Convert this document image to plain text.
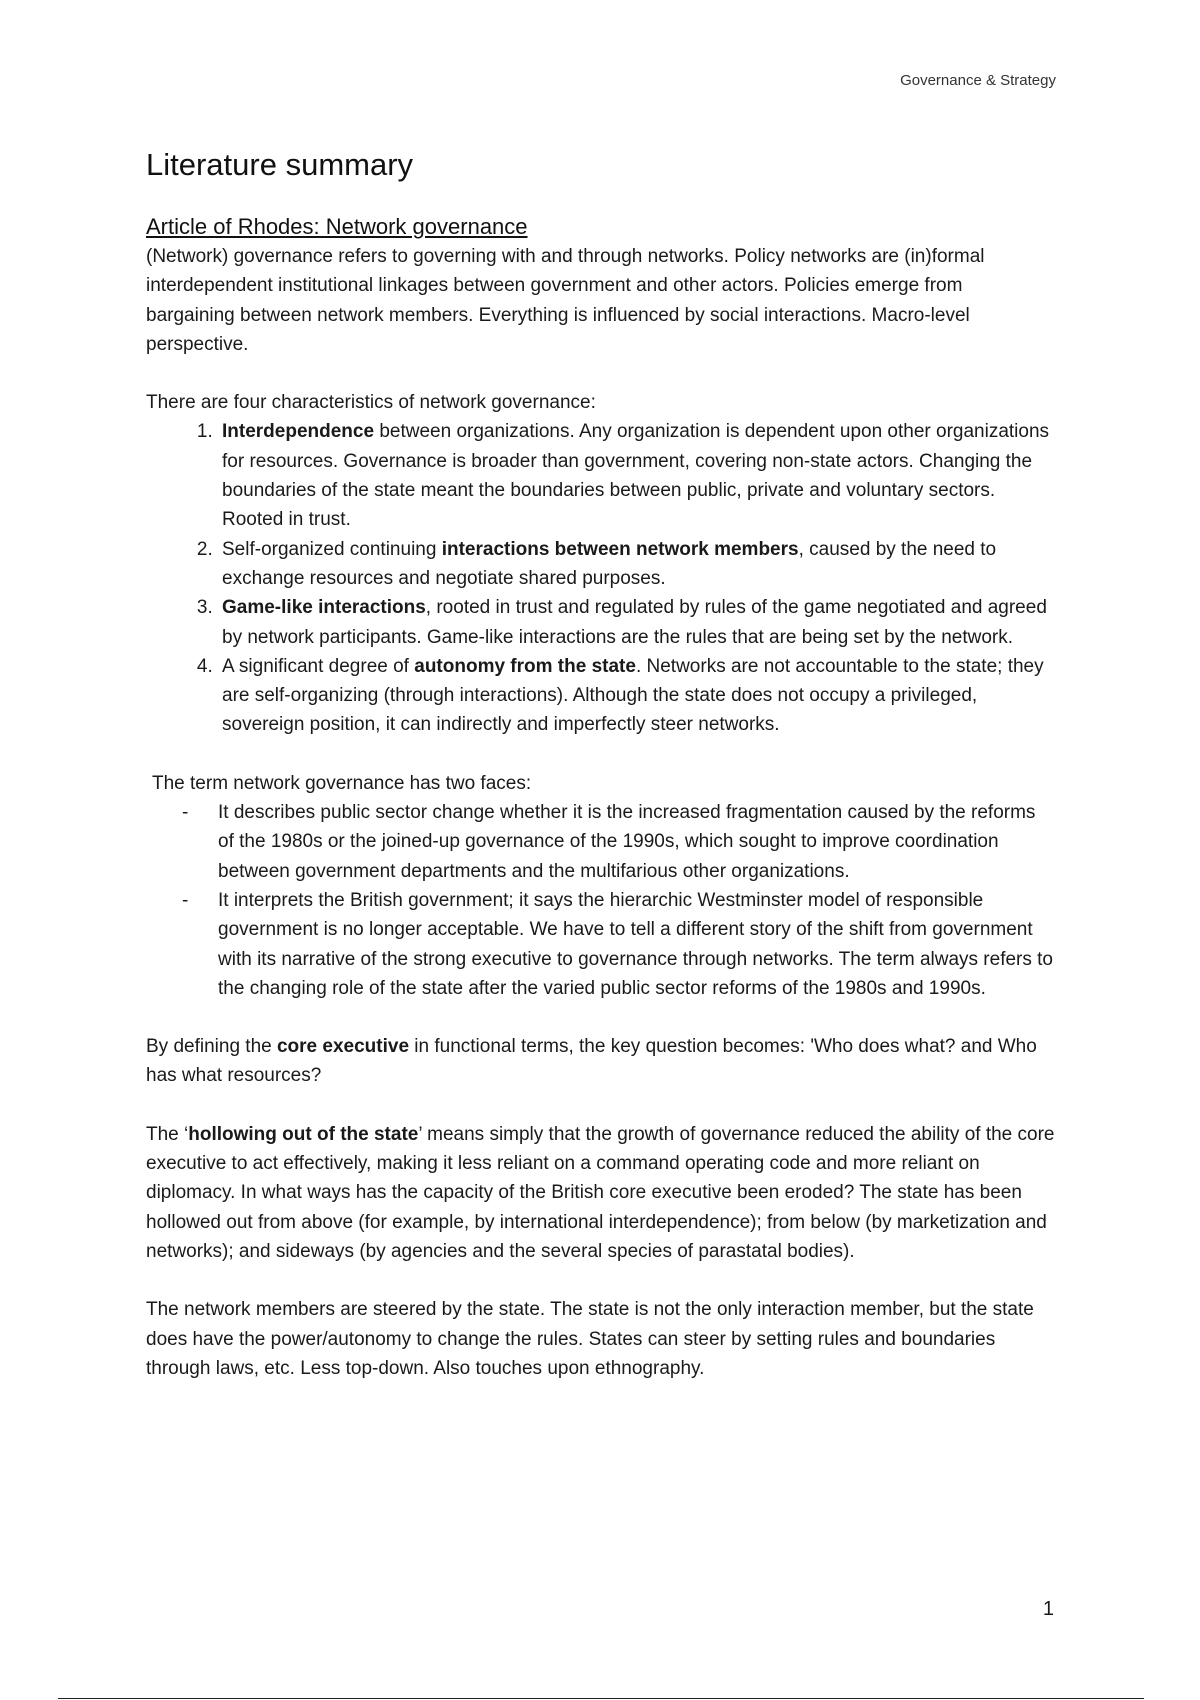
Governance & Strategy
Literature summary
Article of Rhodes: Network governance

(Network) governance refers to governing with and through networks. Policy networks are (in)formal interdependent institutional linkages between government and other actors. Policies emerge from bargaining between network members. Everything is influenced by social interactions. Macro-level perspective.

There are four characteristics of network governance:

1. Interdependence between organizations. Any organization is dependent upon other organizations for resources. Governance is broader than government, covering non-state actors. Changing the boundaries of the state meant the boundaries between public, private and voluntary sectors. Rooted in trust.
2. Self-organized continuing interactions between network members, caused by the need to exchange resources and negotiate shared purposes.
3. Game-like interactions, rooted in trust and regulated by rules of the game negotiated and agreed by network participants. Game-like interactions are the rules that are being set by the network.
4. A significant degree of autonomy from the state. Networks are not accountable to the state; they are self-organizing (through interactions). Although the state does not occupy a privileged, sovereign position, it can indirectly and imperfectly steer networks.

The term network governance has two faces:

- It describes public sector change whether it is the increased fragmentation caused by the reforms of the 1980s or the joined-up governance of the 1990s, which sought to improve coordination between government departments and the multifarious other organizations.
- It interprets the British government; it says the hierarchic Westminster model of responsible government is no longer acceptable. We have to tell a different story of the shift from government with its narrative of the strong executive to governance through networks. The term always refers to the changing role of the state after the varied public sector reforms of the 1980s and 1990s.

By defining the core executive in functional terms, the key question becomes: 'Who does what? and Who has what resources?

The ‘hollowing out of the state’ means simply that the growth of governance reduced the ability of the core executive to act effectively, making it less reliant on a command operating code and more reliant on diplomacy. In what ways has the capacity of the British core executive been eroded? The state has been hollowed out from above (for example, by international interdependence); from below (by marketization and networks); and sideways (by agencies and the several species of parastatal bodies).

The network members are steered by the state. The state is not the only interaction member, but the state does have the power/autonomy to change the rules. States can steer by setting rules and boundaries through laws, etc. Less top-down. Also touches upon ethnography.

1
